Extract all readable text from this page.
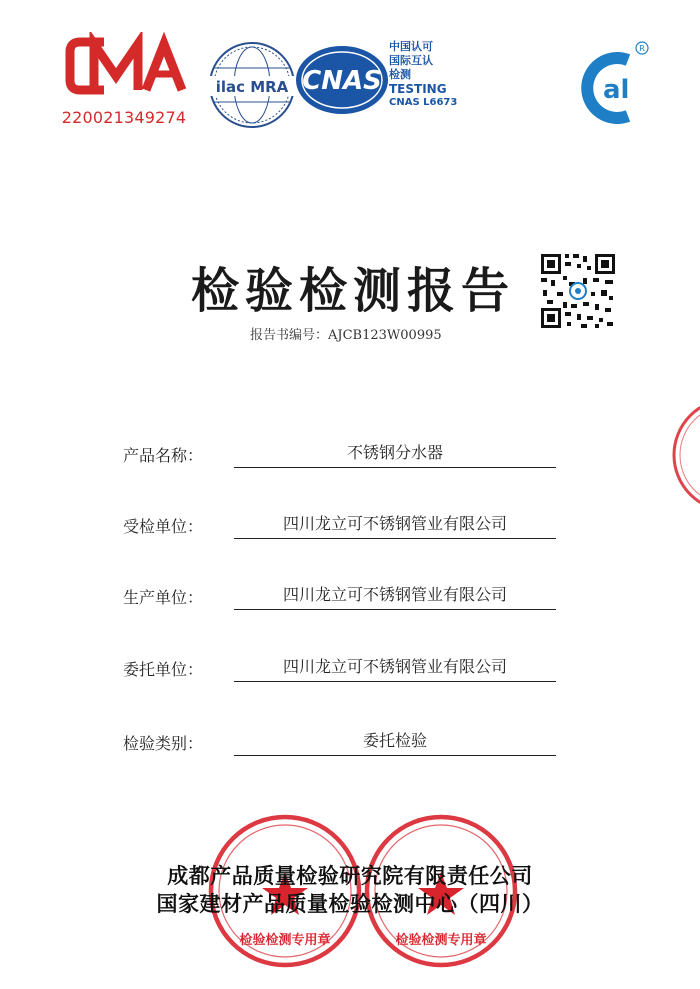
220021349274
ilac MRA CNAS
中国认可
国际互认
检测
TESTING
CNAS L6673	al
R
检验检测报告
报告书编号：AJCB123W00995
产品名称：	不锈钢分水器
受检单位：	四川龙立可不锈钢管业有限公司
生产单位：	四川龙立可不锈钢管业有限公司
委托单位：	四川龙立可不锈钢管业有限公司
检验类别：	委托检验
检验检测专用章	检验检测专用章
成都产品质量检验研究院有限责任公司
国家建材产品质量检验检测中心（四川）
